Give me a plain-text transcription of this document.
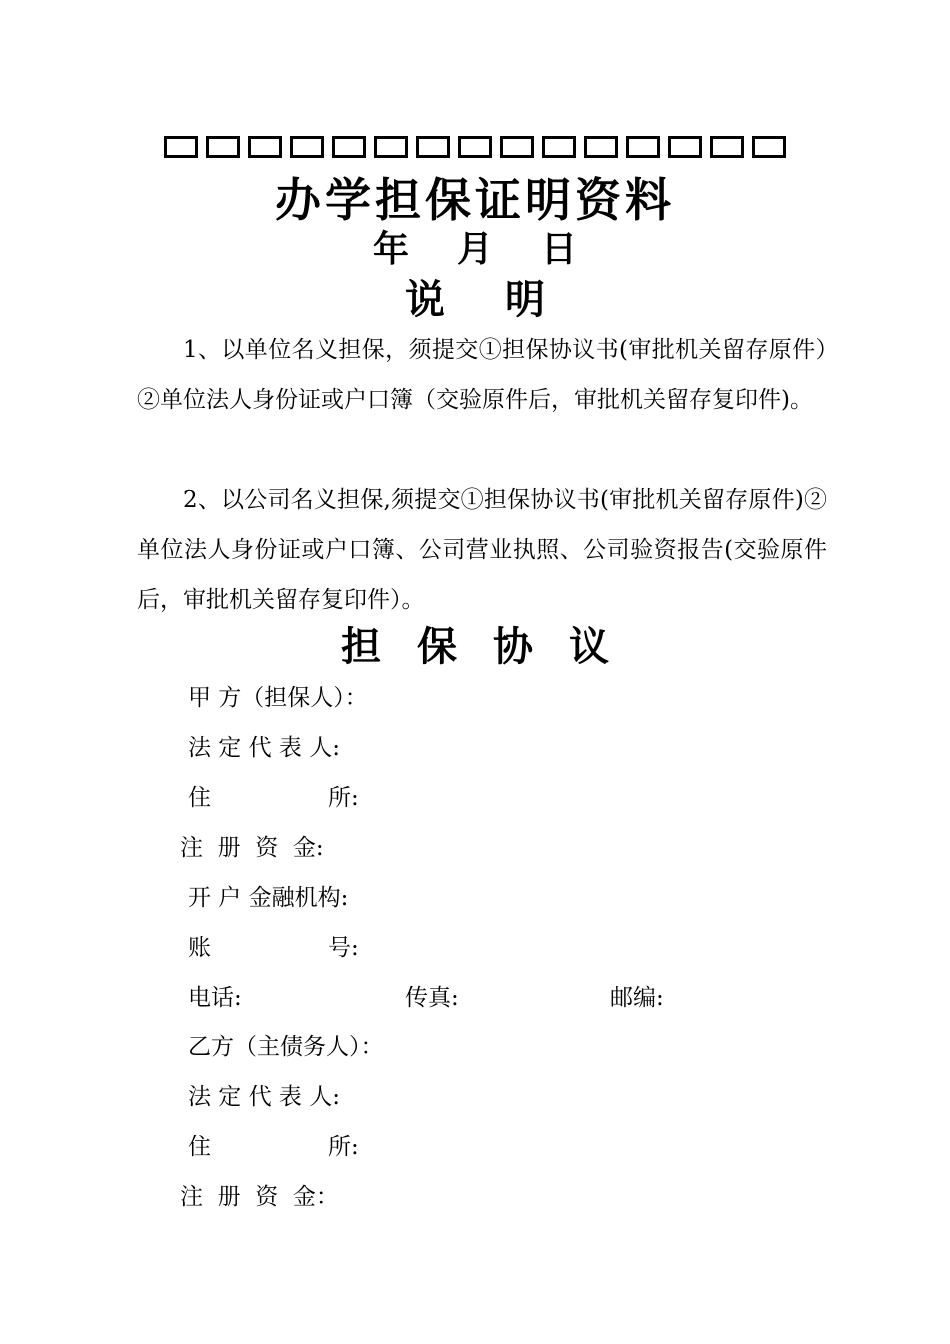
办学担保证明资料
年 月 日
说 明

1、以单位名义担保，须提交①担保协议书(审批机关留存原件）②单位法人身份证或户口簿（交验原件后，审批机关留存复印件)。

2、以公司名义担保,须提交①担保协议书(审批机关留存原件)② 单位法人身份证或户口簿、公司营业执照、公司验资报告(交验原件后，审批机关留存复印件）。

担 保 协 议
甲 方（担保人）：
法 定 代 表 人:
住                所:
注  册  资  金:
开 户 金融机构:
账                号:
电话:	传真:	邮编:
乙方（主债务人）：
法 定 代 表 人:
住                所:
注  册  资  金：
